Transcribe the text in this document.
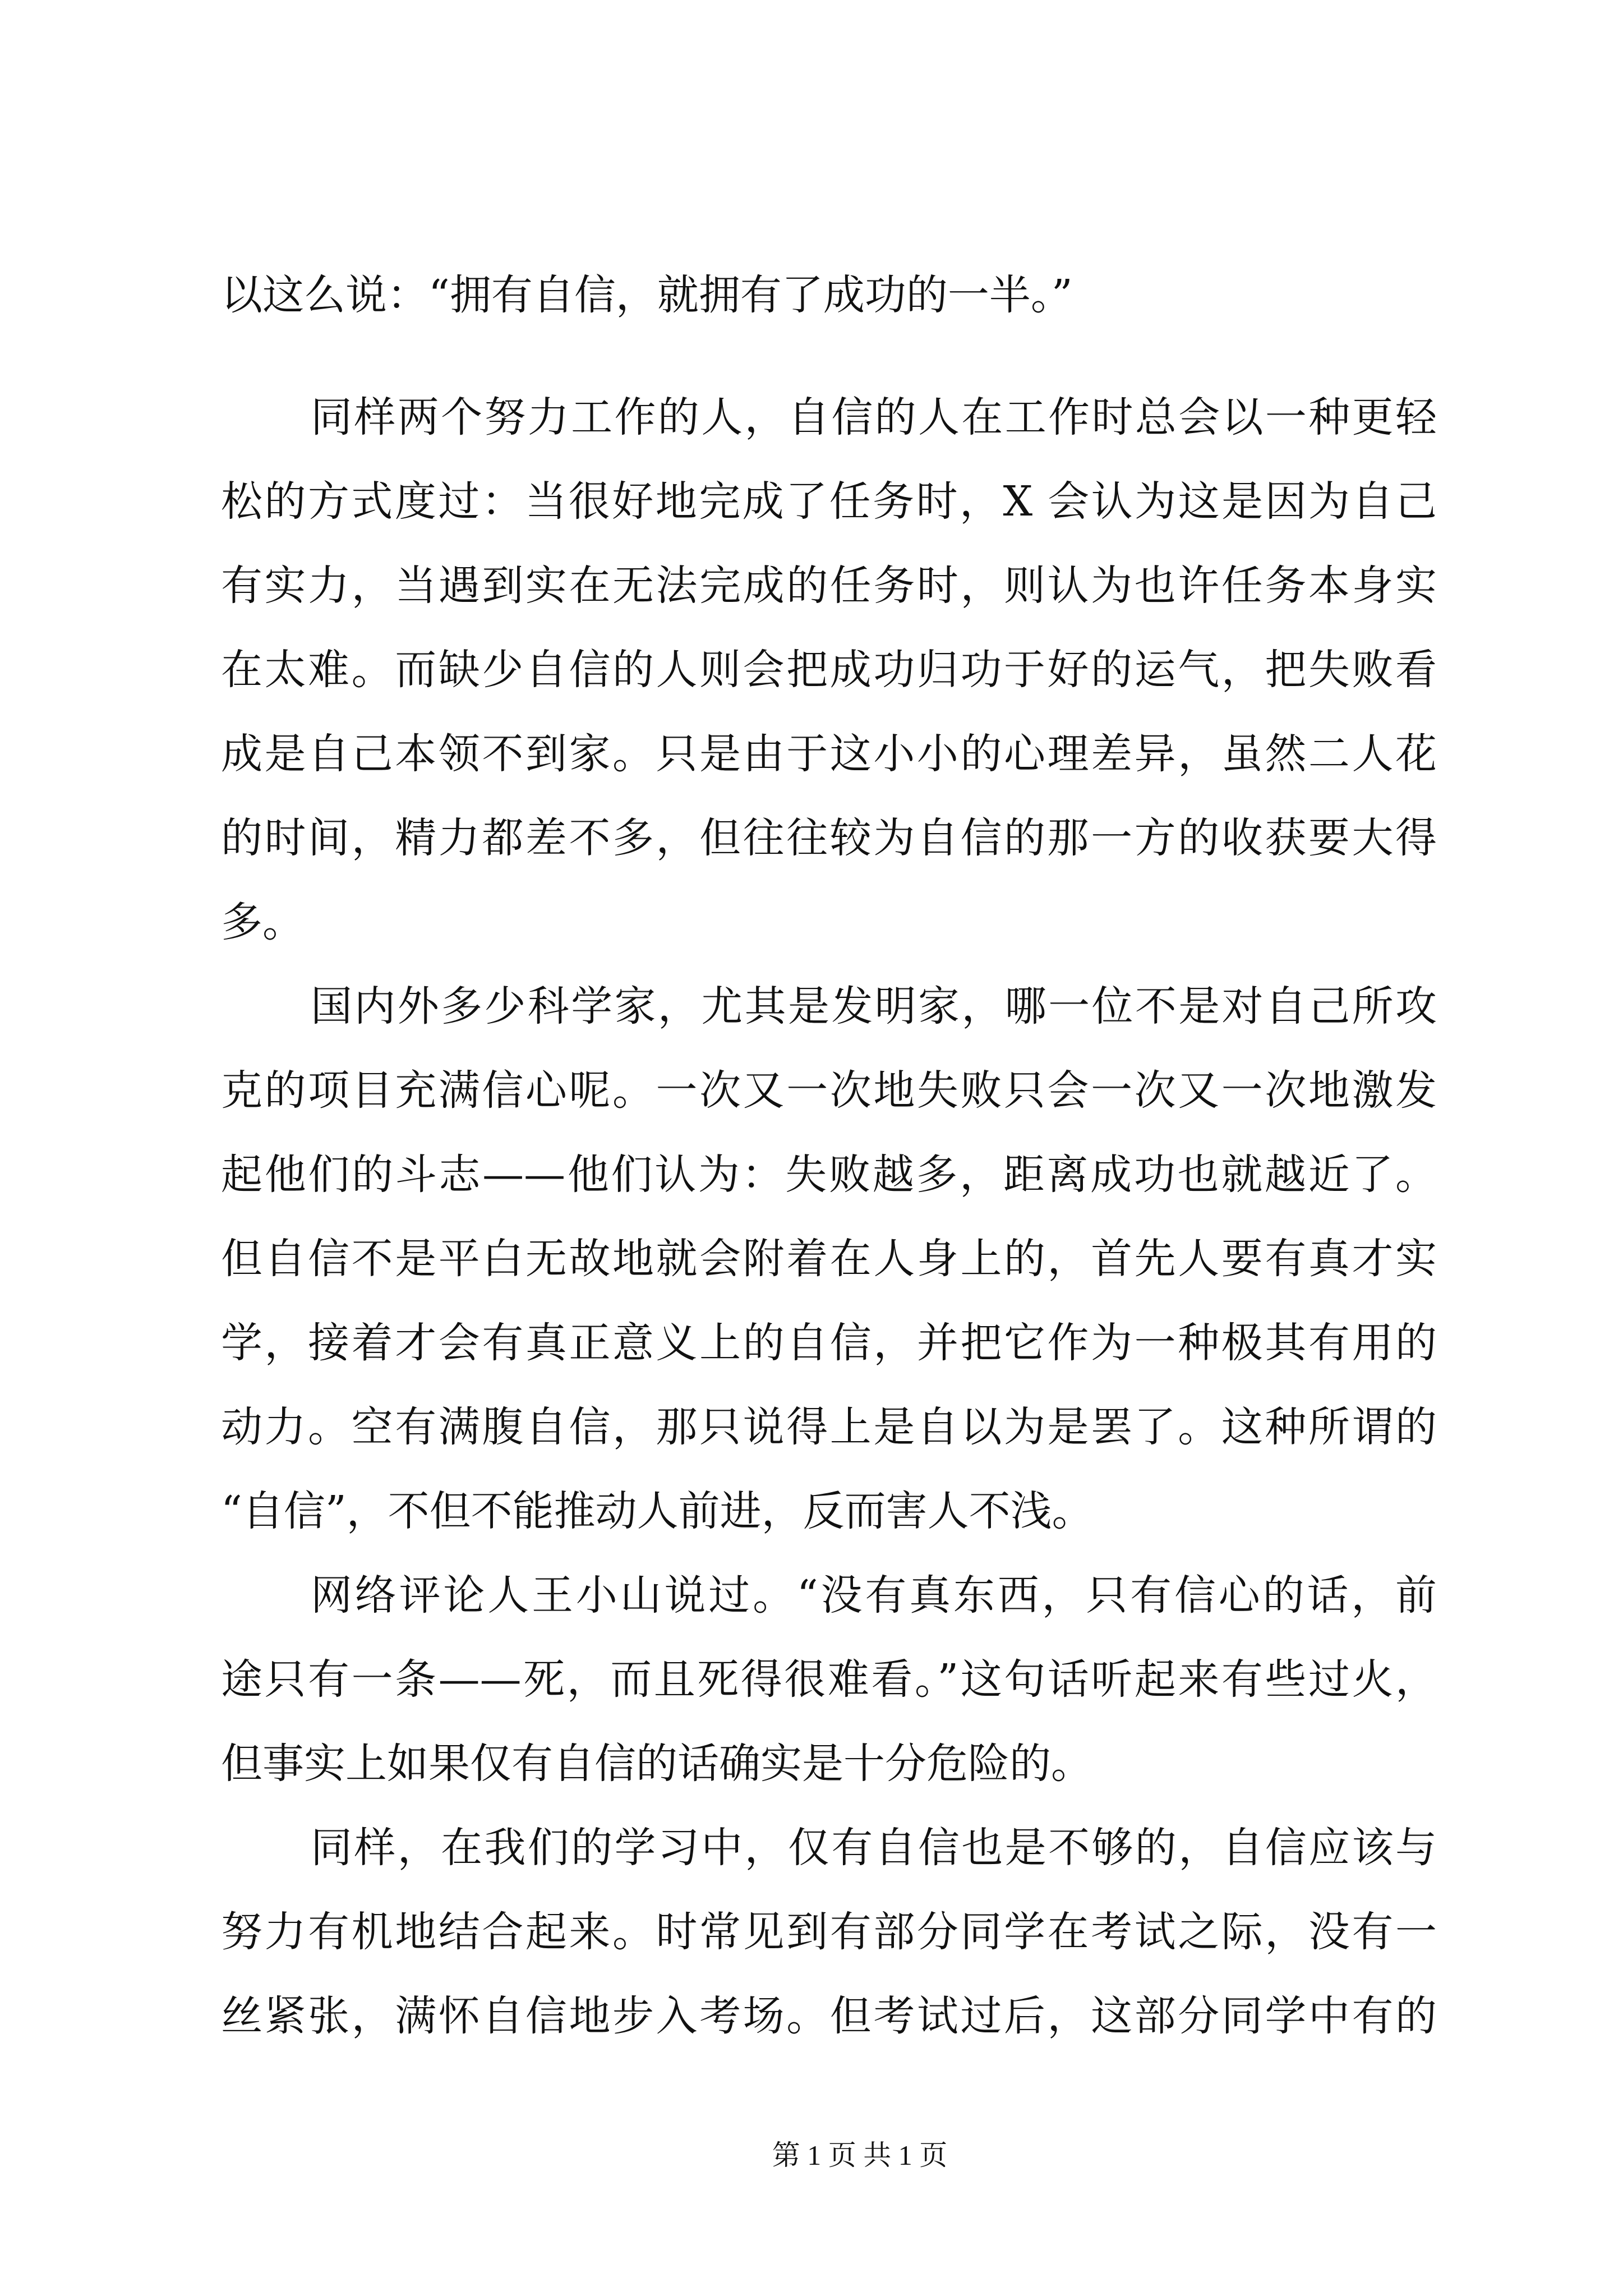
以这么说：“拥有自信，就拥有了成功的一半。”
同样两个努力工作的人，自信的人在工作时总会以一种更轻
松的方式度过：当很好地完成了任务时，X 会认为这是因为自己
有实力，当遇到实在无法完成的任务时，则认为也许任务本身实
在太难。而缺少自信的人则会把成功归功于好的运气，把失败看
成是自己本领不到家。只是由于这小小的心理差异，虽然二人花
的时间，精力都差不多，但往往较为自信的那一方的收获要大得
多。
国内外多少科学家，尤其是发明家，哪一位不是对自己所攻
克的项目充满信心呢。一次又一次地失败只会一次又一次地激发
起他们的斗志——他们认为：失败越多，距离成功也就越近了。
但自信不是平白无故地就会附着在人身上的，首先人要有真才实
学，接着才会有真正意义上的自信，并把它作为一种极其有用的
动力。空有满腹自信，那只说得上是自以为是罢了。这种所谓的
“自信”，不但不能推动人前进，反而害人不浅。
网络评论人王小山说过。“没有真东西，只有信心的话，前
途只有一条——死，而且死得很难看。”这句话听起来有些过火，
但事实上如果仅有自信的话确实是十分危险的。
同样，在我们的学习中，仅有自信也是不够的，自信应该与
努力有机地结合起来。时常见到有部分同学在考试之际，没有一
丝紧张，满怀自信地步入考场。但考试过后，这部分同学中有的
第 1 页 共 1 页
